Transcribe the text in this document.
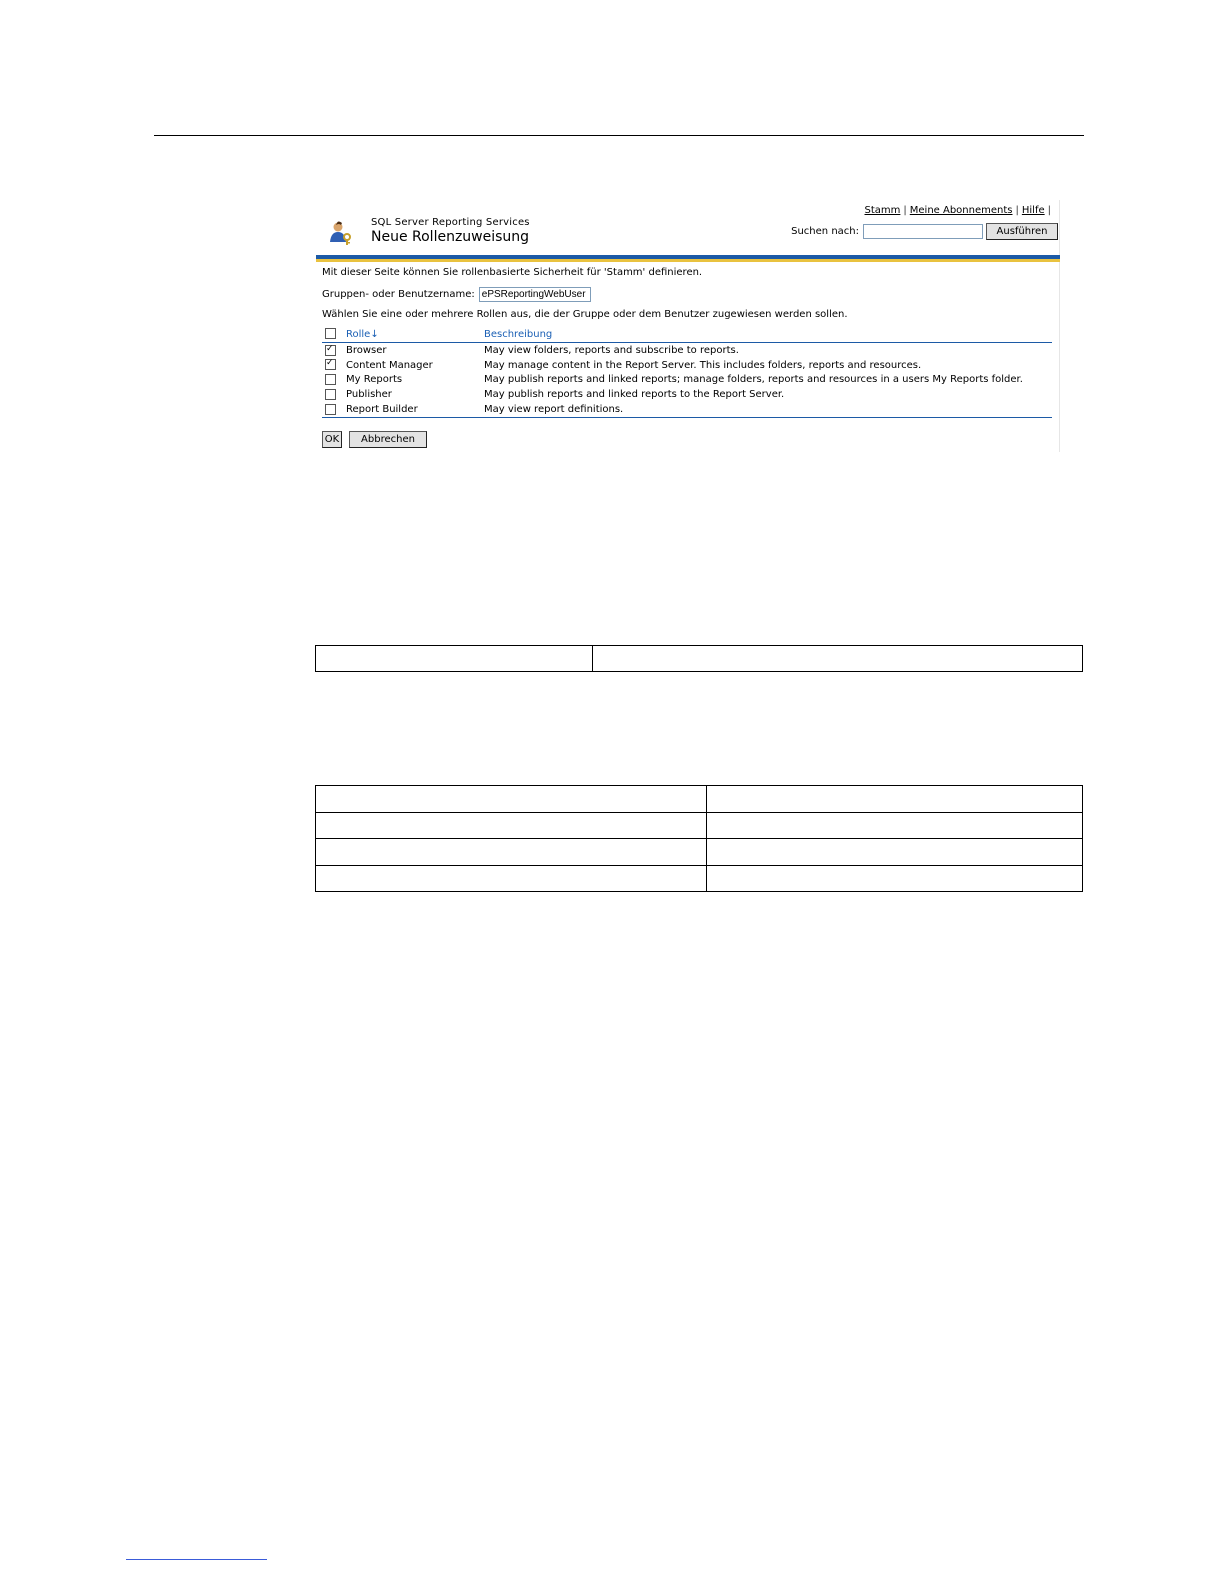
Stamm | Meine Abonnements | Hilfe |
SQL Server Reporting Services
Neue Rollenzuweisung	Suchen nach:	Ausführen
Mit dieser Seite können Sie rollenbasierte Sicherheit für 'Stamm' definieren.
Gruppen- oder Benutzername:
ePSReportingWebUser
Wählen Sie eine oder mehrere Rollen aus, die der Gruppe oder dem Benutzer zugewiesen werden sollen.
	Rolle↓	Beschreibung
✓	Browser	May view folders, reports and subscribe to reports.
✓	Content Manager	May manage content in the Report Server. This includes folders, reports and resources.
	My Reports	May publish reports and linked reports; manage folders, reports and resources in a users My Reports folder.
	Publisher	May publish reports and linked reports to the Report Server.
	Report Builder	May view report definitions.

OK	Abbrechen
